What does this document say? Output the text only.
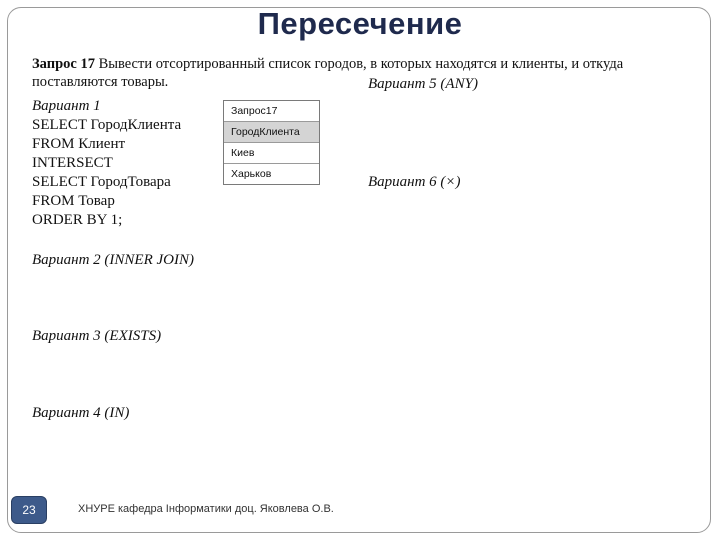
Пересечение
Запрос 17 Вывести отсортированный список городов, в которых находятся и клиенты, и откуда
поставляются товары.	Вариант 5 (ANY)
Вариант 1
SELECT ГородКлиента
FROM Клиент
INTERSECT
SELECT ГородТовара
FROM Товар
ORDER BY 1;
Запрос17
ГородКлиента
Киев
Харьков	Вариант 6 (×)
Вариант 2 (INNER JOIN)
Вариант 3 (EXISTS)
Вариант 4 (IN)
23	ХНУРЕ кафедра Інформатики доц. Яковлева О.В.
